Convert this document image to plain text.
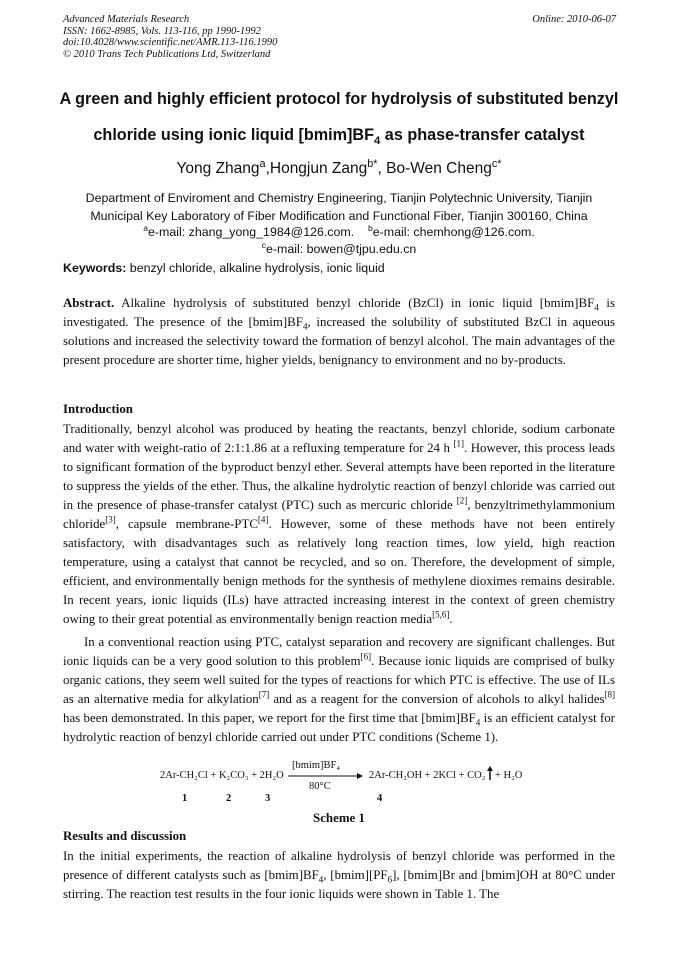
Advanced Materials Research
ISSN: 1662-8985, Vols. 113-116, pp 1990-1992
doi:10.4028/www.scientific.net/AMR.113-116.1990
© 2010 Trans Tech Publications Ltd, Switzerland
Online: 2010-06-07
A green and highly efficient protocol for hydrolysis of substituted benzyl
chloride using ionic liquid $[bmim]BF_4$ as phase-transfer catalyst
Yong Zhang$^a$,Hongjun Zang$^{b*}$, Bo-Wen Cheng$^{c*}$
Department of Enviroment and Chemistry Engineering, Tianjin Polytechnic University, Tianjin
Municipal Key Laboratory of Fiber Modification and Functional Fiber, Tianjin 300160, China
$^a$e-mail: zhang_yong_1984@126.com. $^b$e-mail: chemhong@126.com.
$^c$e-mail: bowen@tjpu.edu.cn
Keywords: benzyl chloride, alkaline hydrolysis, ionic liquid
Abstract. Alkaline hydrolysis of substituted benzyl chloride (BzCl) in ionic liquid $[bmim]BF_4$ is investigated. The presence of the $[bmim]BF_4$, increased the solubility of substituted BzCl in aqueous solutions and increased the selectivity toward the formation of benzyl alcohol. The main advantages of the present procedure are shorter time, higher yields, benignancy to environment and no by-products.
Introduction
Traditionally, benzyl alcohol was produced by heating the reactants, benzyl chloride, sodium carbonate and water with weight-ratio of 2:1:1.86 at a refluxing temperature for 24 h [1]. However, this process leads to significant formation of the byproduct benzyl ether. Several attempts have been reported in the literature to suppress the yields of the ether. Thus, the alkaline hydrolytic reaction of benzyl chloride was carried out in the presence of phase-transfer catalyst (PTC) such as mercuric chloride [2], benzyltrimethylammonium chloride[3], capsule membrane-PTC[4]. However, some of these methods have not been entirely satisfactory, with disadvantages such as relatively long reaction times, low yield, high reaction temperature, using a catalyst that cannot be recycled, and so on. Therefore, the development of simple, efficient, and environmentally benign methods for the synthesis of methylene dioximes remains desirable. In recent years, ionic liquids (ILs) have attracted increasing interest in the context of green chemistry owing to their great potential as environmentally benign reaction media[5,6].
In a conventional reaction using PTC, catalyst separation and recovery are significant challenges. But ionic liquids can be a very good solution to this problem[6]. Because ionic liquids are comprised of bulky organic cations, they seem well suited for the types of reactions for which PTC is effective. The use of ILs as an alternative media for alkylation[7] and as a reagent for the conversion of alcohols to alkyl halides[8] has been demonstrated. In this paper, we report for the first time that $[bmim]BF_4$ is an efficient catalyst for hydrolytic reaction of benzyl chloride carried out under PTC conditions (Scheme 1).
2Ar-CH₂Cl + K₂CO₃ + 2H₂O
[bmim]BF₄
80°C
2Ar-CH₂OH + 2KCl + CO₂ + H₂O
1	2	3	4
Scheme 1
Results and discussion
In the initial experiments, the reaction of alkaline hydrolysis of benzyl chloride was performed in the presence of different catalysts such as $[bmim]BF_4$, $[bmim][PF_6]$, [bmim]Br and [bmim]OH at 80°C under stirring. The reaction test results in the four ionic liquids were shown in Table 1. The
